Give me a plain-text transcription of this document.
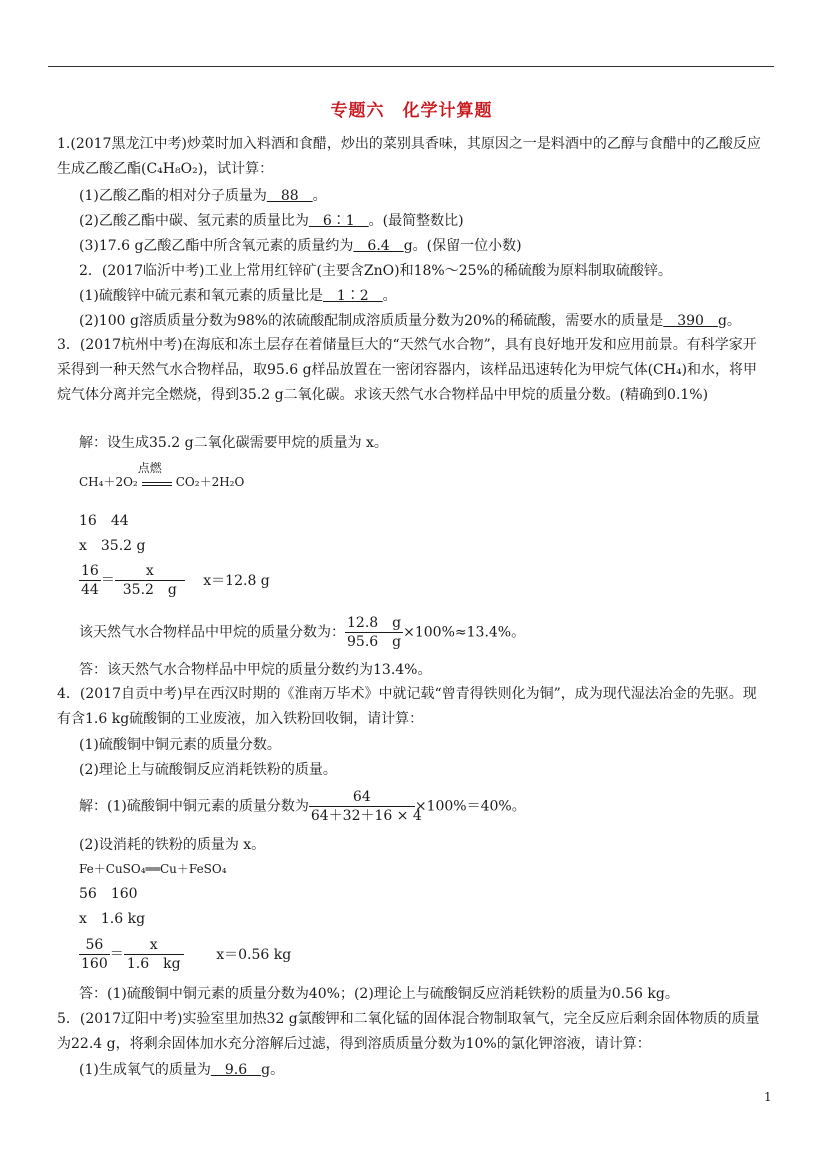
专题六　化学计算题
1.(2017黑龙江中考)炒菜时加入料酒和食醋，炒出的菜别具香味，其原因之一是料酒中的乙醇与食醋中的乙酸反应生成乙酸乙酯(C₄H₈O₂)，试计算：
(1)乙酸乙酯的相对分子质量为　88　。
(2)乙酸乙酯中碳、氢元素的质量比为　6∶1　。(最简整数比)
(3)17.6 g乙酸乙酯中所含氧元素的质量约为　6.4　g。(保留一位小数)
2．(2017临沂中考)工业上常用红锌矿(主要含ZnO)和18%～25%的稀硫酸为原料制取硫酸锌。
(1)硫酸锌中硫元素和氧元素的质量比是　1∶2　。
(2)100 g溶质质量分数为98%的浓硫酸配制成溶质质量分数为20%的稀硫酸，需要水的质量是　390　g。
3．(2017杭州中考)在海底和冻土层存在着储量巨大的“天然气水合物”，具有良好地开发和应用前景。有科学家开采得到一种天然气水合物样品，取95.6 g样品放置在一密闭容器内，该样品迅速转化为甲烷气体(CH₄)和水，将甲烷气体分离并完全燃烧，得到35.2 g二氧化碳。求该天然气水合物样品中甲烷的质量分数。(精确到0.1%)
解：设生成35.2 g二氧化碳需要甲烷的质量为 x。
CH₄＋2O₂
点燃
CO₂＋2H₂O
16　44
x　35.2 g
$\frac{16}{44} = \frac{x}{35.2 g} x=12.8$ g
该天然气水合物样品中甲烷的质量分数为： $\frac{12.8 g}{95.6 g} \times 100\%\approx 13.4\%$。
答：该天然气水合物样品中甲烷的质量分数约为13.4%。
4．(2017自贡中考)早在西汉时期的《淮南万毕术》中就记载“曾青得铁则化为铜”，成为现代湿法冶金的先驱。现有含1.6 kg硫酸铜的工业废液，加入铁粉回收铜，请计算：
(1)硫酸铜中铜元素的质量分数。
(2)理论上与硫酸铜反应消耗铁粉的质量。
解：(1)硫酸铜中铜元素的质量分数为 $\frac{64}{64+32+16 \times 4} \times 100\%=40\%$。
(2)设消耗的铁粉的质量为 x。
Fe＋CuSO₄══Cu＋FeSO₄
56　160
x　1.6 kg
$\frac{56}{160} = \frac{x}{1.6 kg} x=0.56$ kg
答：(1)硫酸铜中铜元素的质量分数为40%；(2)理论上与硫酸铜反应消耗铁粉的质量为0.56 kg。
5．(2017辽阳中考)实验室里加热32 g氯酸钾和二氧化锰的固体混合物制取氧气，完全反应后剩余固体物质的质量为22.4 g，将剩余固体加水充分溶解后过滤，得到溶质质量分数为10%的氯化钾溶液，请计算：
(1)生成氧气的质量为　9.6　g。
1
